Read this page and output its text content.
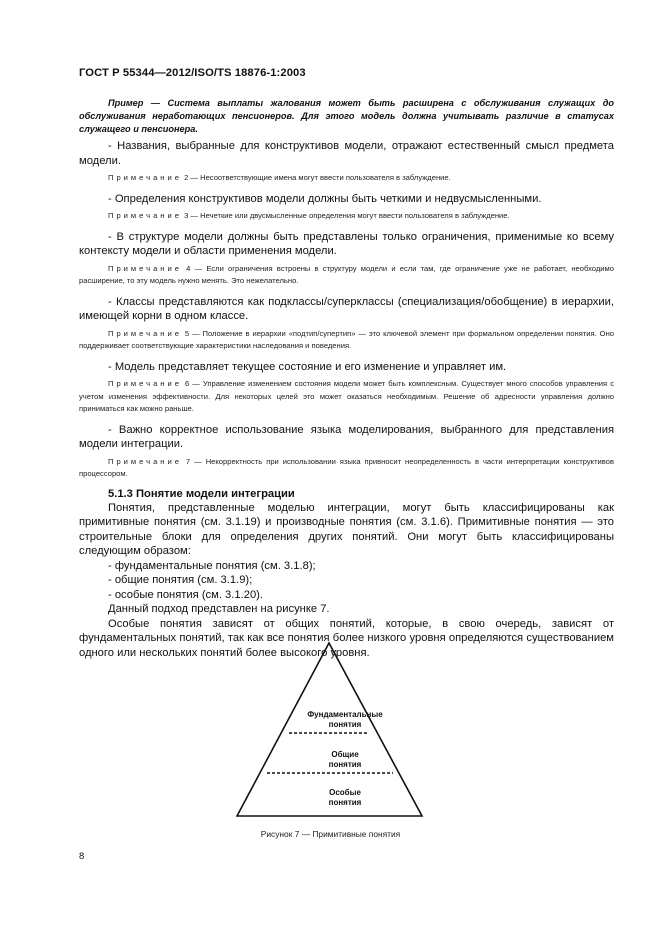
ГОСТ Р 55344—2012/ISO/TS 18876-1:2003

Пример — Система выплаты жалования может быть расширена с обслуживания служащих до обслуживания неработающих пенсионеров. Для этого модель должна учитывать различие в статусах служащего и пенсионера.

- Названия, выбранные для конструктивов модели, отражают естественный смысл предмета модели.

Примечание 2 — Несоответствующие имена могут ввести пользователя в заблуждение.

- Определения конструктивов модели должны быть четкими и недвусмысленными.

Примечание 3 — Нечеткие или двусмысленные определения могут ввести пользователя в заблуждение.

- В структуре модели должны быть представлены только ограничения, применимые ко всему контексту модели и области применения модели.

Примечание 4 — Если ограничения встроены в структуру модели и если там, где ограничение уже не работает, необходимо расширение, то эту модель нужно менять. Это нежелательно.

- Классы представляются как подклассы/суперклассы (специализация/обобщение) в иерархии, имеющей корни в одном классе.

Примечание 5 — Положение в иерархии «подтип/супертип» — это ключевой элемент при формальном определении понятия. Оно поддерживает соответствующие характеристики наследования и поведения.

- Модель представляет текущее состояние и его изменение и управляет им.

Примечание 6 — Управление изменением состояния модели может быть комплексным. Существует много способов управления с учетом изменения эффективности. Для некоторых целей это может оказаться необходимым. Решение об адресности управления должно приниматься как можно раньше.

- Важно корректное использование языка моделирования, выбранного для представления модели интеграции.

Примечание 7 — Некорректность при использовании языка привносит неопределенность в части интерпретации конструктивов процессором.

5.1.3 Понятие модели интеграции

Понятия, представленные моделью интеграции, могут быть классифицированы как примитивные понятия (см. 3.1.19) и производные понятия (см. 3.1.6). Примитивные понятия — это строительные блоки для определения других понятий. Они могут быть классифицированы следующим образом:

- фундаментальные понятия (см. 3.1.8);

- общие понятия (см. 3.1.9);

- особые понятия (см. 3.1.20).

Данный подход представлен на рисунке 7.

Особые понятия зависят от общих понятий, которые, в свою очередь, зависят от фундаментальных понятий, так как все понятия более низкого уровня определяются существованием одного или нескольких понятий более высокого уровня.

Фундаментальные
понятия
Общие
понятия
Особые
понятия
Рисунок 7 — Примитивные понятия
8
